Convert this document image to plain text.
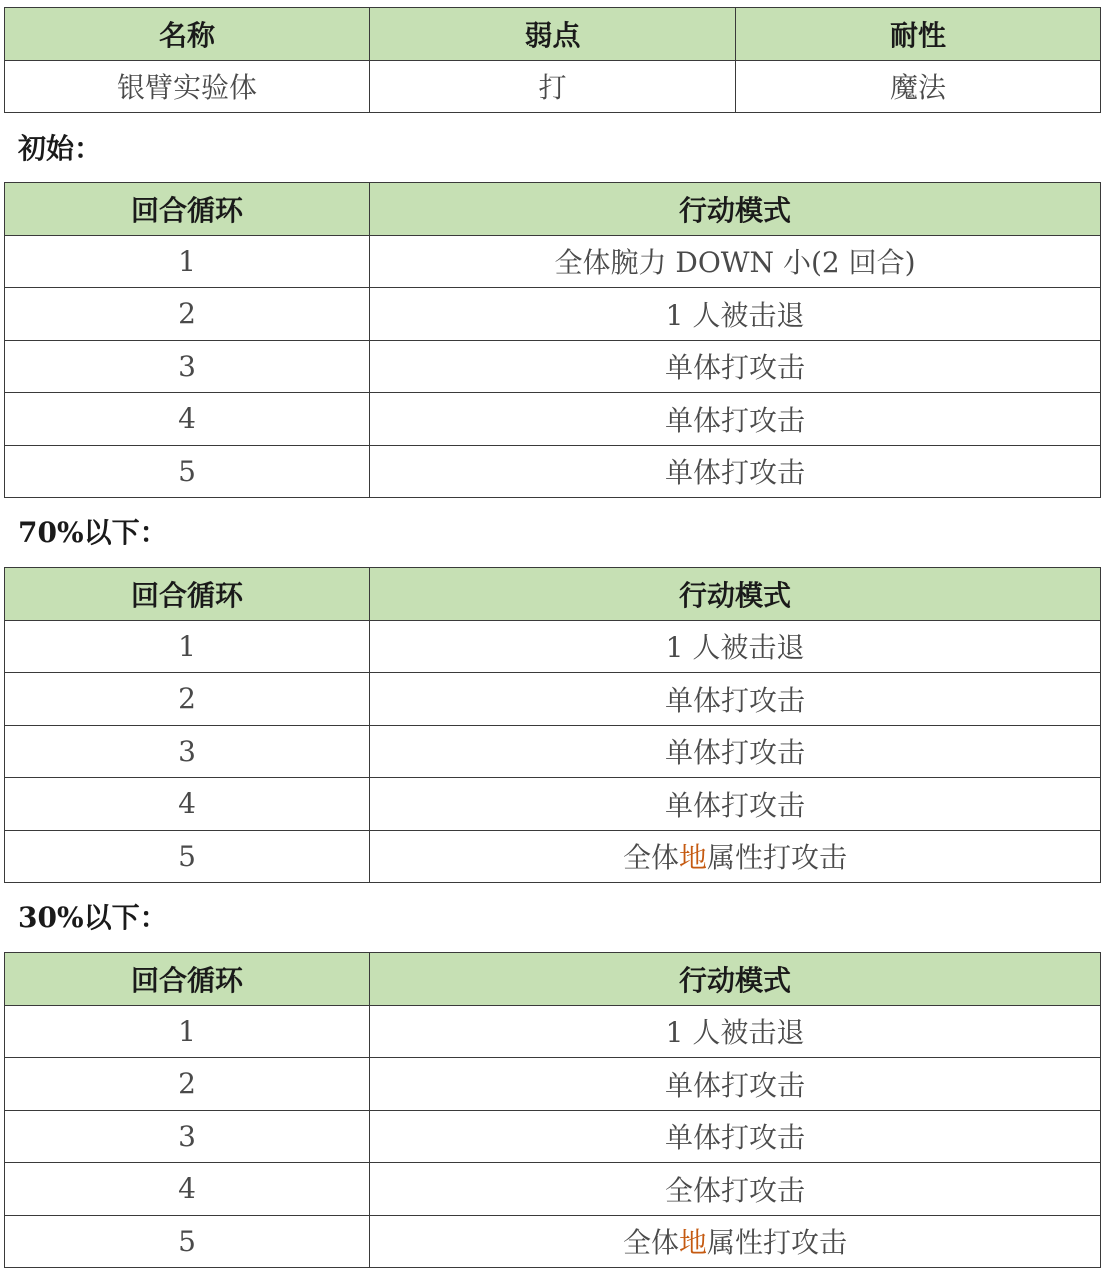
名称	弱点	耐性
银臂实验体	打	魔法
初始：
回合循环	行动模式
1	全体腕力 DOWN 小(2 回合)
2	1 人被击退
3	单体打攻击
4	单体打攻击
5	单体打攻击
70%以下：
回合循环	行动模式
1	1 人被击退
2	单体打攻击
3	单体打攻击
4	单体打攻击
5	全体地属性打攻击
30%以下：
回合循环	行动模式
1	1 人被击退
2	单体打攻击
3	单体打攻击
4	全体打攻击
5	全体地属性打攻击
